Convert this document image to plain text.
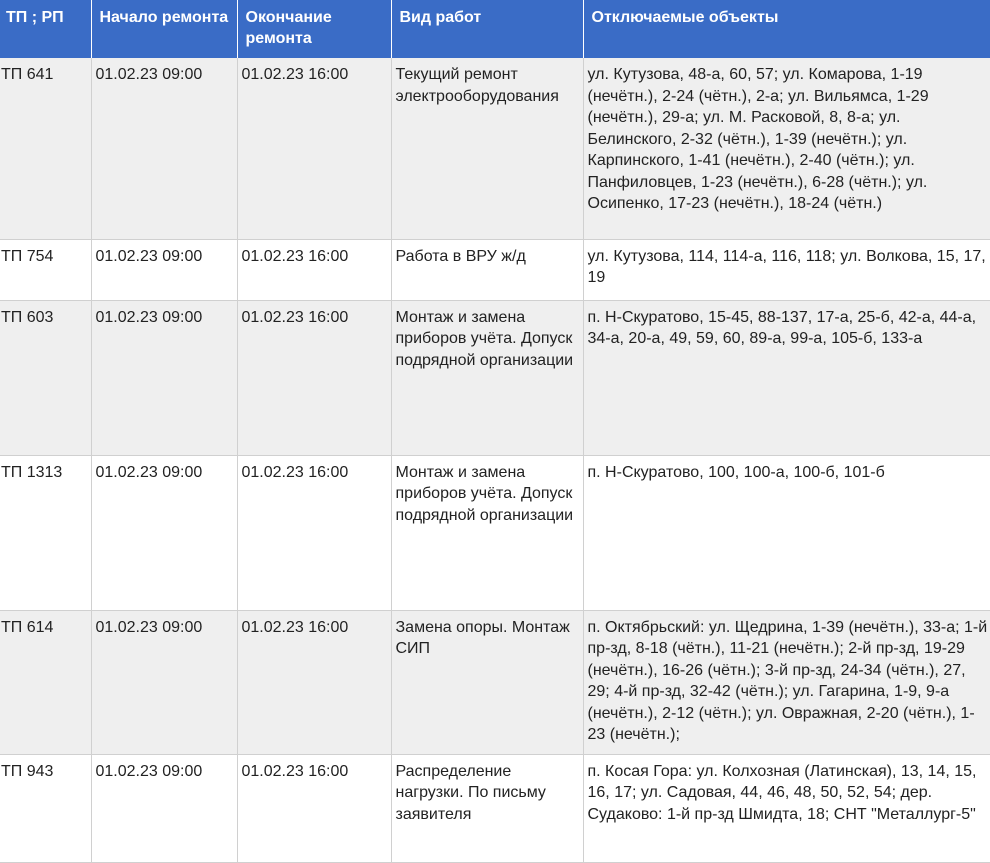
ТП ; РП	Начало ремонта	Окончание ремонта	Вид работ	Отключаемые объекты
ТП 641	01.02.23 09:00	01.02.23 16:00	Текущий ремонт электрооборудования	ул. Кутузова, 48-а, 60, 57; ул. Комарова, 1-19 (нечётн.), 2-24 (чётн.), 2-а; ул. Вильямса, 1-29 (нечётн.), 29-а; ул. М. Расковой, 8, 8-а; ул. Белинского, 2-32 (чётн.), 1-39 (нечётн.); ул. Карпинского, 1-41 (нечётн.), 2-40 (чётн.); ул. Панфиловцев, 1-23 (нечётн.), 6-28 (чётн.); ул. Осипенко, 17-23 (нечётн.), 18-24 (чётн.)
ТП 754	01.02.23 09:00	01.02.23 16:00	Работа в ВРУ ж/д	ул. Кутузова, 114, 114-а, 116, 118; ул. Волкова, 15, 17, 19
ТП 603	01.02.23 09:00	01.02.23 16:00	Монтаж и замена приборов учёта. Допуск подрядной организации	п. Н-Скуратово, 15-45, 88-137, 17-а, 25-б, 42-а, 44-а, 34-а, 20-а, 49, 59, 60, 89-а, 99-а, 105-б, 133-а
ТП 1313	01.02.23 09:00	01.02.23 16:00	Монтаж и замена приборов учёта. Допуск подрядной организации	п. Н-Скуратово, 100, 100-а, 100-б, 101-б
ТП 614	01.02.23 09:00	01.02.23 16:00	Замена опоры. Монтаж СИП	п. Октябрьский: ул. Щедрина, 1-39 (нечётн.), 33-а; 1-й пр-зд, 8-18 (чётн.), 11-21 (нечётн.); 2-й пр-зд, 19-29 (нечётн.), 16-26 (чётн.); 3-й пр-зд, 24-34 (чётн.), 27, 29; 4-й пр-зд, 32-42 (чётн.); ул. Гагарина, 1-9, 9-а (нечётн.), 2-12 (чётн.); ул. Овражная, 2-20 (чётн.), 1-23 (нечётн.);
ТП 943	01.02.23 09:00	01.02.23 16:00	Распределение нагрузки. По письму заявителя	п. Косая Гора: ул. Колхозная (Латинская), 13, 14, 15, 16, 17; ул. Садовая, 44, 46, 48, 50, 52, 54; дер. Судаково: 1-й пр-зд Шмидта, 18; СНТ "Металлург-5"
